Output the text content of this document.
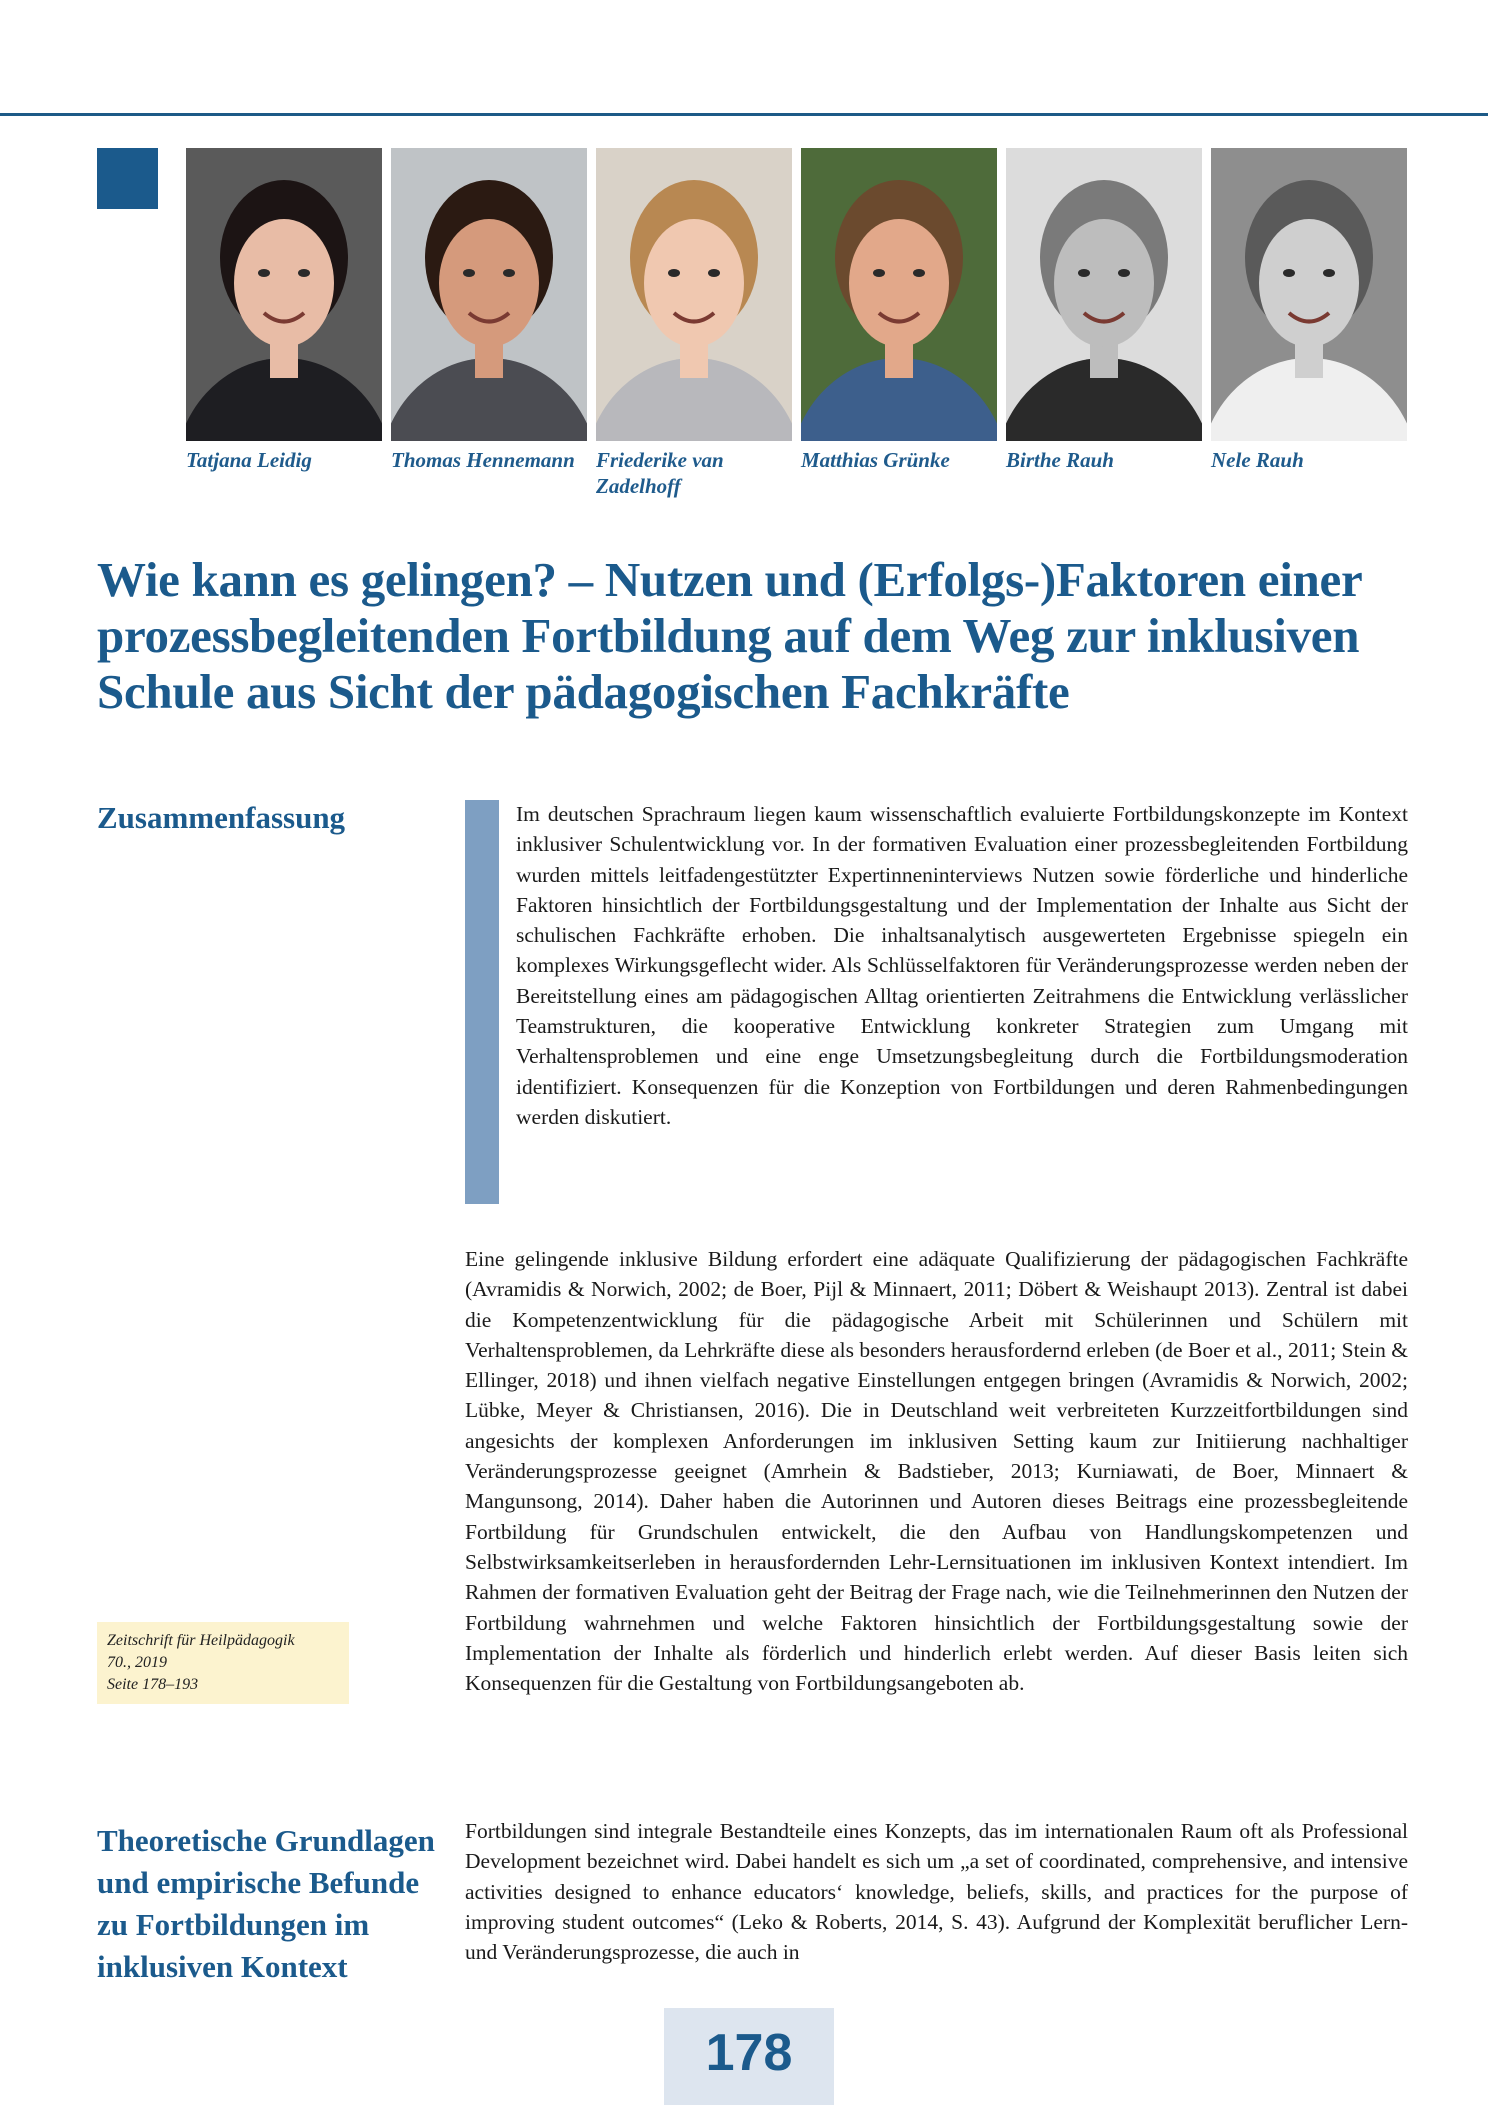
Tatjana Leidig	Thomas Hennemann	Friederike van Zadelhoff
Matthias Grünke	Birthe Rauh	Nele Rauh
Wie kann es gelingen? – Nutzen und (Erfolgs-)Faktoren einer prozessbegleitenden Fortbildung auf dem Weg zur inklusiven Schule aus Sicht der pädagogischen Fachkräfte
Zusammenfassung	Im deutschen Sprachraum liegen kaum wissenschaftlich evaluierte Fortbildungskonzepte im Kontext inklusiver Schulentwicklung vor. In der formativen Evaluation einer prozessbegleitenden Fortbildung wurden mittels leitfadengestützter Expertinneninterviews Nutzen sowie förderliche und hinderliche Faktoren hinsichtlich der Fortbildungsgestaltung und der Implementation der Inhalte aus Sicht der schulischen Fachkräfte erhoben. Die inhaltsanalytisch ausgewerteten Ergebnisse spiegeln ein komplexes Wirkungsgeflecht wider. Als Schlüsselfaktoren für Veränderungsprozesse werden neben der Bereitstellung eines am pädagogischen Alltag orientierten Zeitrahmens die Entwicklung verlässlicher Teamstrukturen, die kooperative Entwicklung konkreter Strategien zum Umgang mit Verhaltensproblemen und eine enge Umsetzungsbegleitung durch die Fortbildungsmoderation identifiziert. Konsequenzen für die Konzeption von Fortbildungen und deren Rahmenbedingungen werden diskutiert.

Eine gelingende inklusive Bildung erfordert eine adäquate Qualifizierung der pädagogischen Fachkräfte (Avramidis & Norwich, 2002; de Boer, Pijl & Minnaert, 2011; Döbert & Weishaupt 2013). Zentral ist dabei die Kompetenzentwicklung für die pädagogische Arbeit mit Schülerinnen und Schülern mit Verhaltensproblemen, da Lehrkräfte diese als besonders herausfordernd erleben (de Boer et al., 2011; Stein & Ellinger, 2018) und ihnen vielfach negative Einstellungen entgegen bringen (Avramidis & Norwich, 2002; Lübke, Meyer & Christiansen, 2016). Die in Deutschland weit verbreiteten Kurzzeitfortbildungen sind angesichts der komplexen Anforderungen im inklusiven Setting kaum zur Initiierung nachhaltiger Veränderungsprozesse geeignet (Amrhein & Badstieber, 2013; Kurniawati, de Boer, Minnaert & Mangunsong, 2014). Daher haben die Autorinnen und Autoren dieses Beitrags eine prozessbegleitende Fortbildung für Grundschulen entwickelt, die den Aufbau von Handlungskompetenzen und Selbstwirksamkeitserleben in herausfordernden Lehr-Lernsituationen im inklusiven Kontext intendiert. Im Rahmen der formativen Evaluation geht der Beitrag der Frage nach, wie die Teilnehmerinnen den Nutzen der Fortbildung wahrnehmen und welche Faktoren hinsichtlich der Fortbildungsgestaltung sowie der Implementation der Inhalte als förderlich und hinderlich erlebt werden. Auf dieser Basis leiten sich Konsequenzen für die Gestaltung von Fortbildungsangeboten ab.

Zeitschrift für Heilpädagogik
70., 2019
Seite 178–193
Theoretische Grundlagen und empirische Befunde zu Fortbildungen im inklusiven Kontext

Fortbildungen sind integrale Bestandteile eines Konzepts, das im internationalen Raum oft als Professional Development bezeichnet wird. Dabei handelt es sich um „a set of coordinated, comprehensive, and intensive activities designed to enhance educators‘ knowledge, beliefs, skills, and practices for the purpose of improving student outcomes“ (Leko & Roberts, 2014, S. 43). Aufgrund der Komplexität beruflicher Lern- und Veränderungsprozesse, die auch in

178
